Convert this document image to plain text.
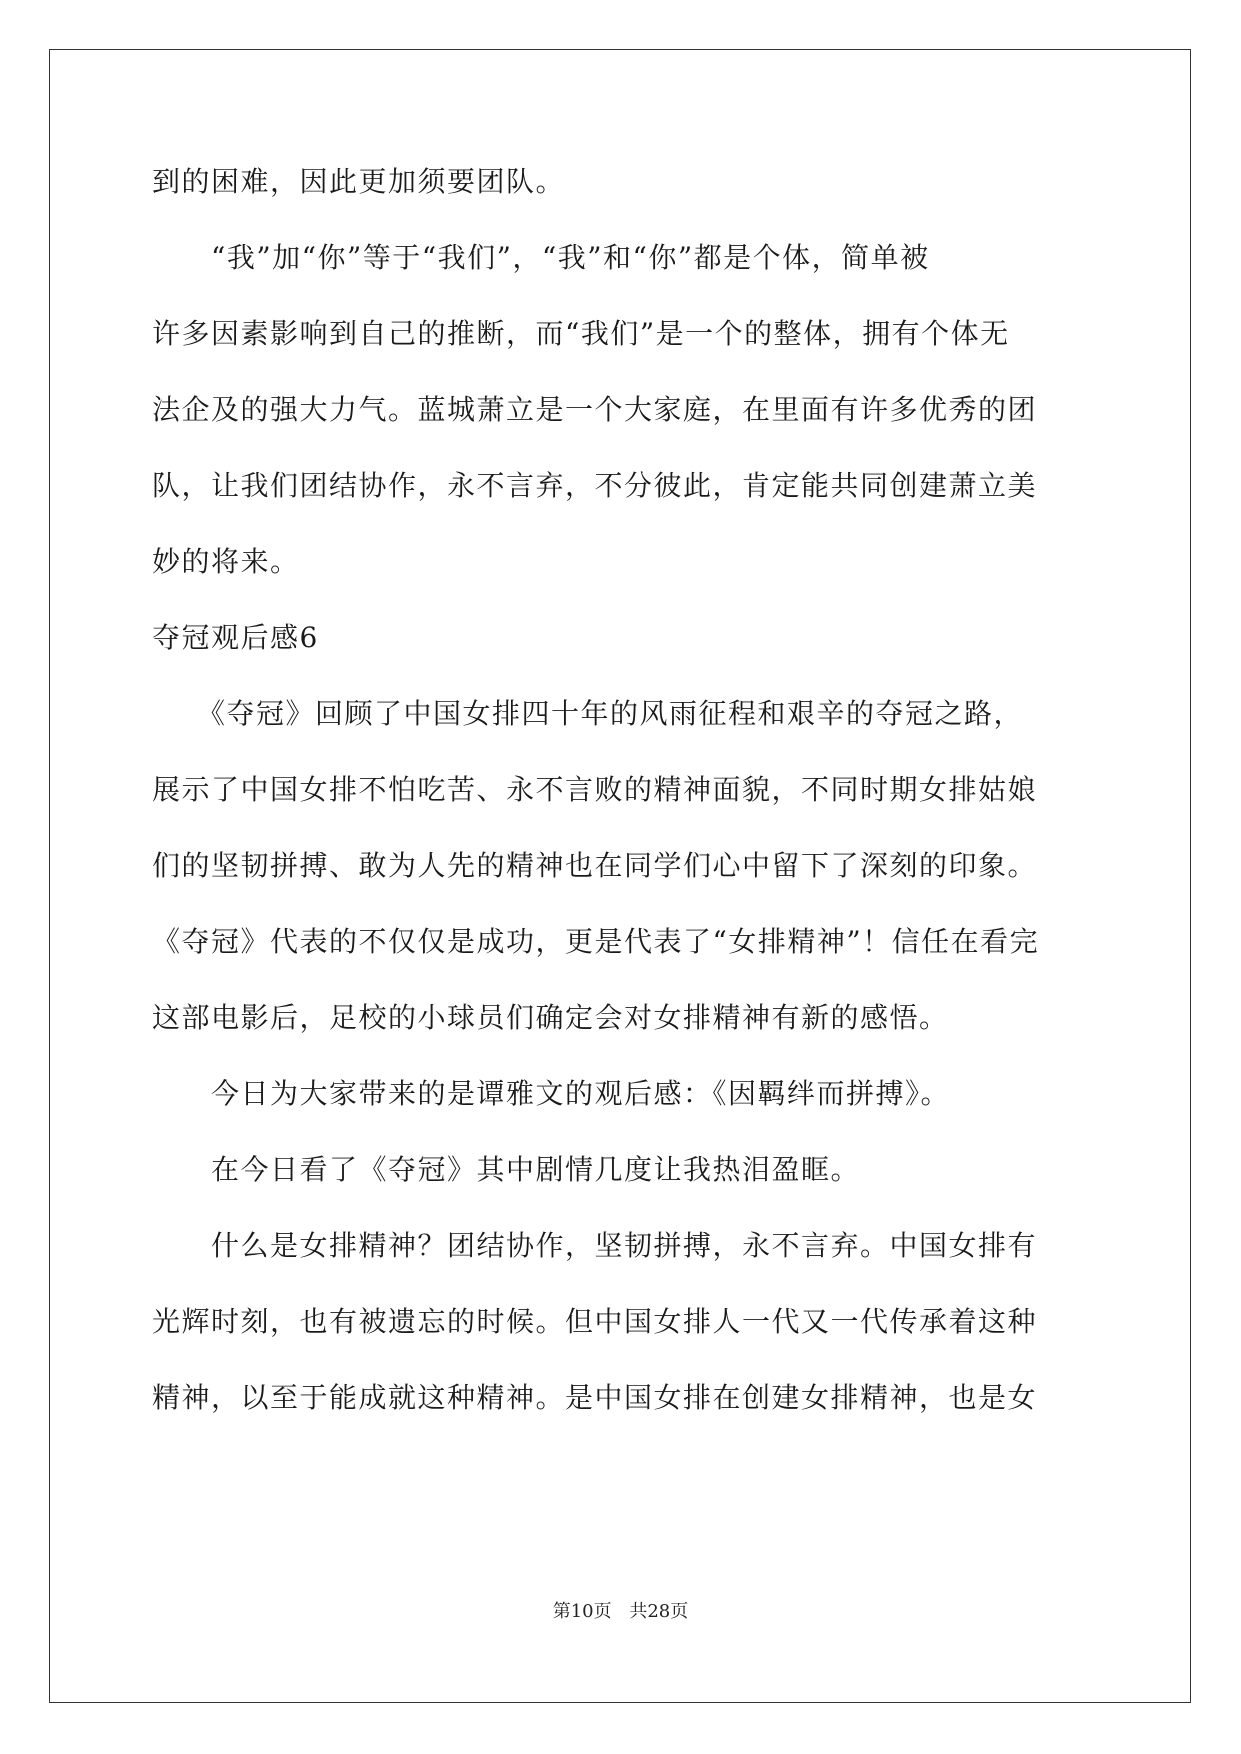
到的困难，因此更加须要团队。
　　“我”加“你”等于“我们”，“我”和“你”都是个体，简单被
许多因素影响到自己的推断，而“我们”是一个的整体，拥有个体无
法企及的强大力气。蓝城萧立是一个大家庭，在里面有许多优秀的团
队，让我们团结协作，永不言弃，不分彼此，肯定能共同创建萧立美
妙的将来。
夺冠观后感6
　　《夺冠》回顾了中国女排四十年的风雨征程和艰辛的夺冠之路，
展示了中国女排不怕吃苦、永不言败的精神面貌，不同时期女排姑娘
们的坚韧拼搏、敢为人先的精神也在同学们心中留下了深刻的印象。
《夺冠》代表的不仅仅是成功，更是代表了“女排精神”！信任在看完
这部电影后，足校的小球员们确定会对女排精神有新的感悟。
　　今日为大家带来的是谭雅文的观后感：《因羁绊而拼搏》。
　　在今日看了《夺冠》其中剧情几度让我热泪盈眶。
　　什么是女排精神？团结协作，坚韧拼搏，永不言弃。中国女排有
光辉时刻，也有被遗忘的时候。但中国女排人一代又一代传承着这种
精神，以至于能成就这种精神。是中国女排在创建女排精神，也是女
第10页 共28页
